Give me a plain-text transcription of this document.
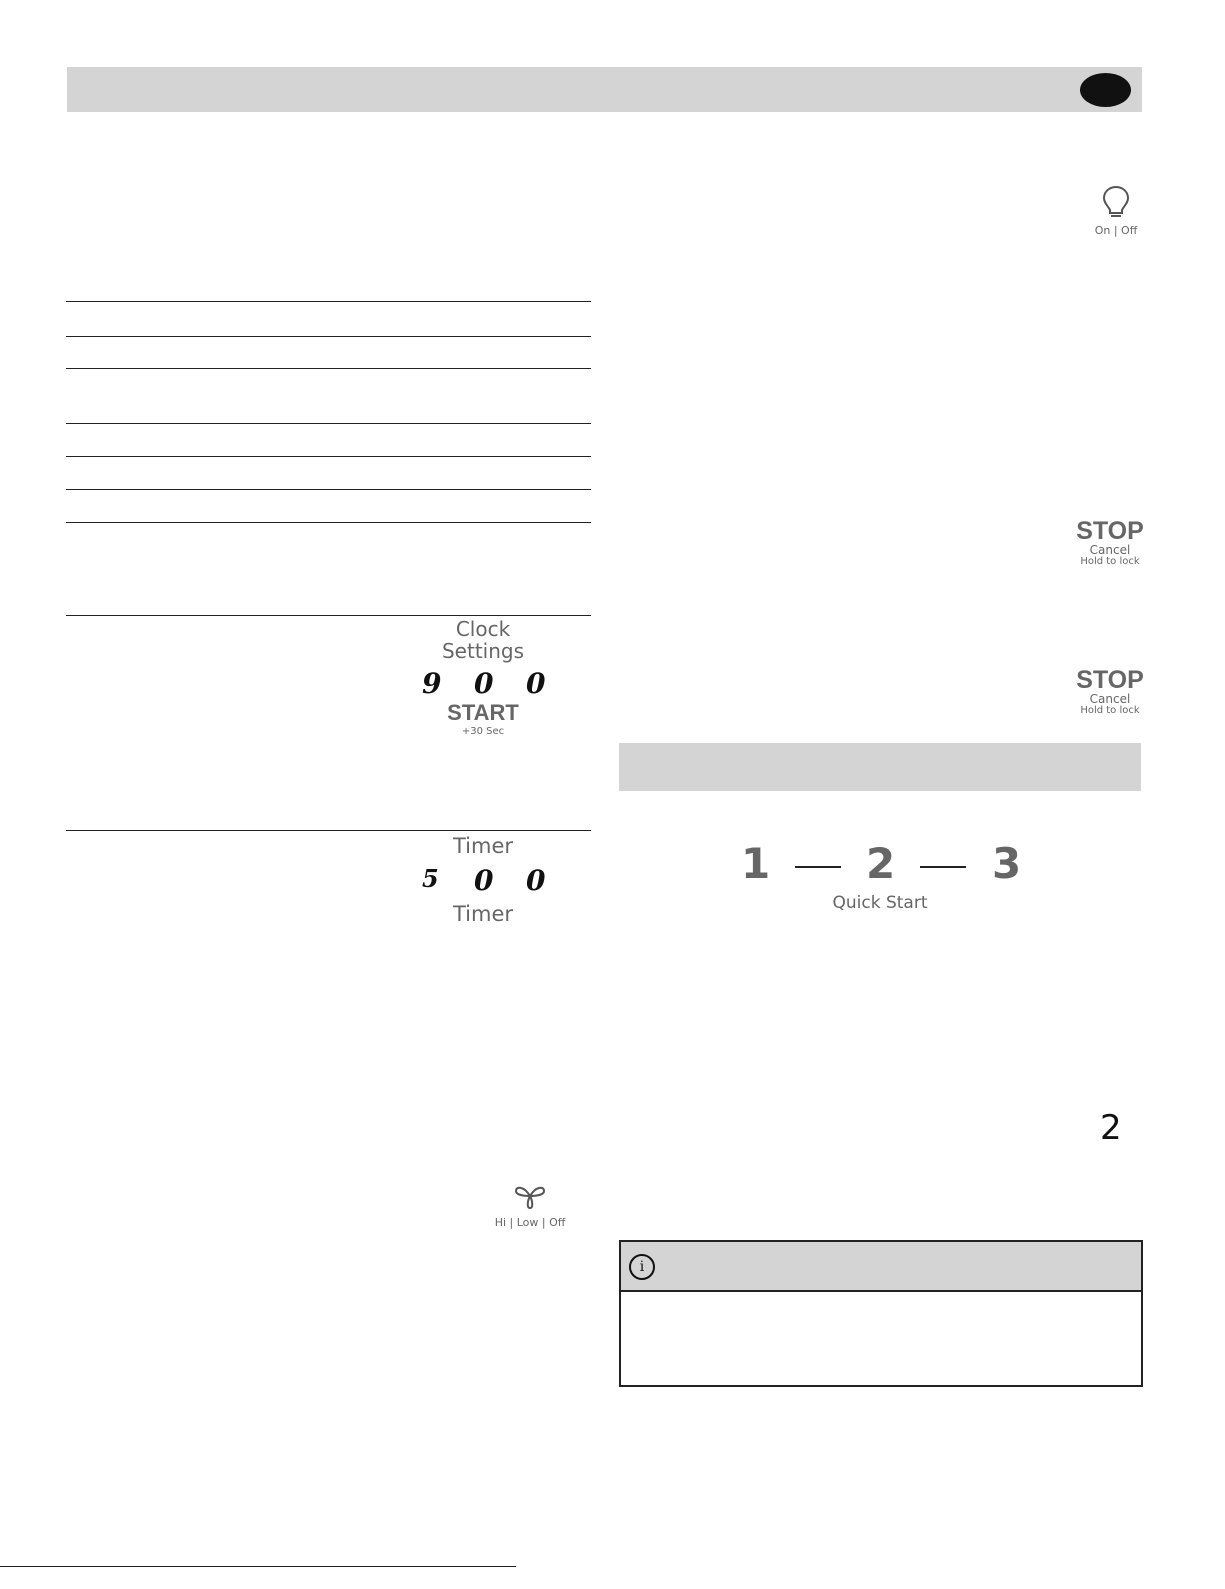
On | Off
Clock
Settings
9 0 0
START
+30 Sec
Timer
5 0 0
Timer
Hi | Low | Off
STOP
Cancel
Hold to lock
STOP
Cancel
Hold to lock
1 2 3
Quick Start
2
i
